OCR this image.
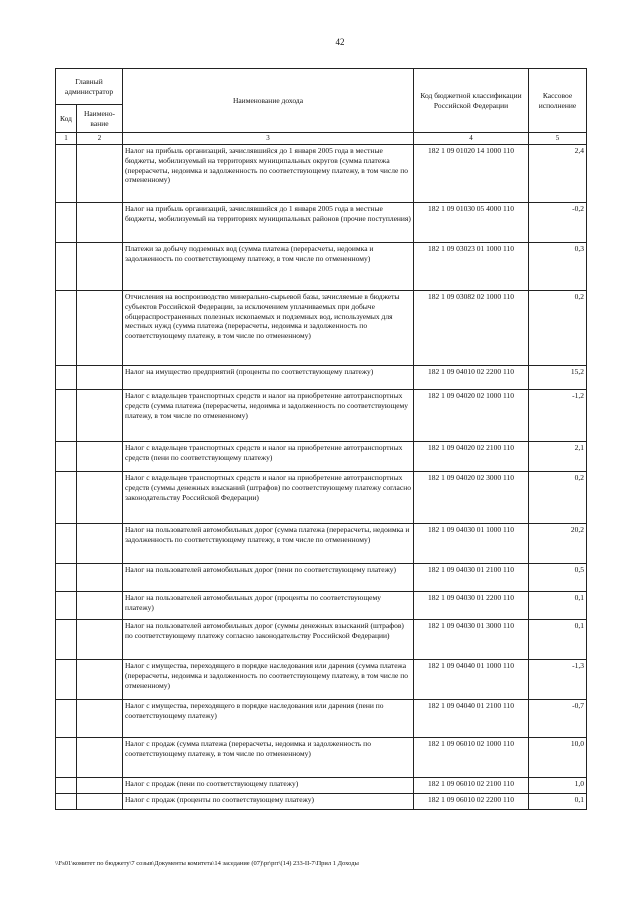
42
Главный администратор		Наименование дохода	Код бюджетной классификации Российской Федерации	Кассовое исполнение
Код	Наимено-вание			
1	2	3	4	5
		Налог на прибыль организаций, зачислявшийся до 1 января 2005 года в местные бюджеты, мобилизуемый на территориях муниципальных округов (сумма платежа (перерасчеты, недоимка и задолженность по соответствующему платежу, в том числе по отмененному)	182 1 09 01020 14 1000 110	2,4
		Налог на прибыль организаций, зачислявшийся до 1 января 2005 года в местные бюджеты, мобилизуемый на территориях муниципальных районов (прочие поступления)	182 1 09 01030 05 4000 110	-0,2
		Платежи за добычу подземных вод (сумма платежа (перерасчеты, недоимка и задолженность по соответствующему платежу, в том числе по отмененному)	182 1 09 03023 01 1000 110	0,3
		Отчисления на воспроизводство минерально-сырьевой базы, зачисляемые в бюджеты субъектов Российской Федерации, за исключением уплачиваемых при добыче общераспространенных полезных ископаемых и подземных вод, используемых для местных нужд (сумма платежа (перерасчеты, недоимка и задолженность по соответствующему платежу, в том числе по отмененному)	182 1 09 03082 02 1000 110	0,2
		Налог на имущество предприятий (проценты по соответствующему платежу)	182 1 09 04010 02 2200 110	15,2
		Налог с владельцев транспортных средств и налог на приобретение автотранспортных средств (сумма платежа (перерасчеты, недоимка и задолженность по соответствующему платежу, в том числе по отмененному)	182 1 09 04020 02 1000 110	-1,2
		Налог с владельцев транспортных средств и налог на приобретение автотранспортных средств (пени по соответствующему платежу)	182 1 09 04020 02 2100 110	2,1
		Налог с владельцев транспортных средств и налог на приобретение автотранспортных средств (суммы денежных взысканий (штрафов) по соответствующему платежу согласно законодательству Российской Федерации)	182 1 09 04020 02 3000 110	0,2
		Налог на пользователей автомобильных дорог (сумма платежа (перерасчеты, недоимка и задолженность по соответствующему платежу, в том числе по отмененному)	182 1 09 04030 01 1000 110	20,2
		Налог на пользователей автомобильных дорог (пени по соответствующему платежу)	182 1 09 04030 01 2100 110	0,5
		Налог на пользователей автомобильных дорог (проценты по соответствующему платежу)	182 1 09 04030 01 2200 110	0,1
		Налог на пользователей автомобильных дорог (суммы денежных взысканий (штрафов) по соответствующему платежу согласно законодательству Российской Федерации)	182 1 09 04030 01 3000 110	0,1
		Налог с имущества, переходящего в порядке наследования или дарения (сумма платежа (перерасчеты, недоимка и задолженность по соответствующему платежу, в том числе по отмененному)	182 1 09 04040 01 1000 110	-1,3
		Налог с имущества, переходящего в порядке наследования или дарения (пени по соответствующему платежу)	182 1 09 04040 01 2100 110	-0,7
		Налог с продаж (сумма платежа (перерасчеты, недоимка и задолженность по соответствующему платежу, в том числе по отмененному)	182 1 09 06010 02 1000 110	10,0
		Налог с продаж (пени по соответствующему платежу)	182 1 09 06010 02 2100 110	1,0
		Налог с продаж (проценты по соответствующему платежу)	182 1 09 06010 02 2200 110	0,1
\\Fs01\комитет по бюджету\7 созыв\Документы комитета\14 заседание (07)\pr\prr\(14) 233-II-7\Прил 1 Доходы
